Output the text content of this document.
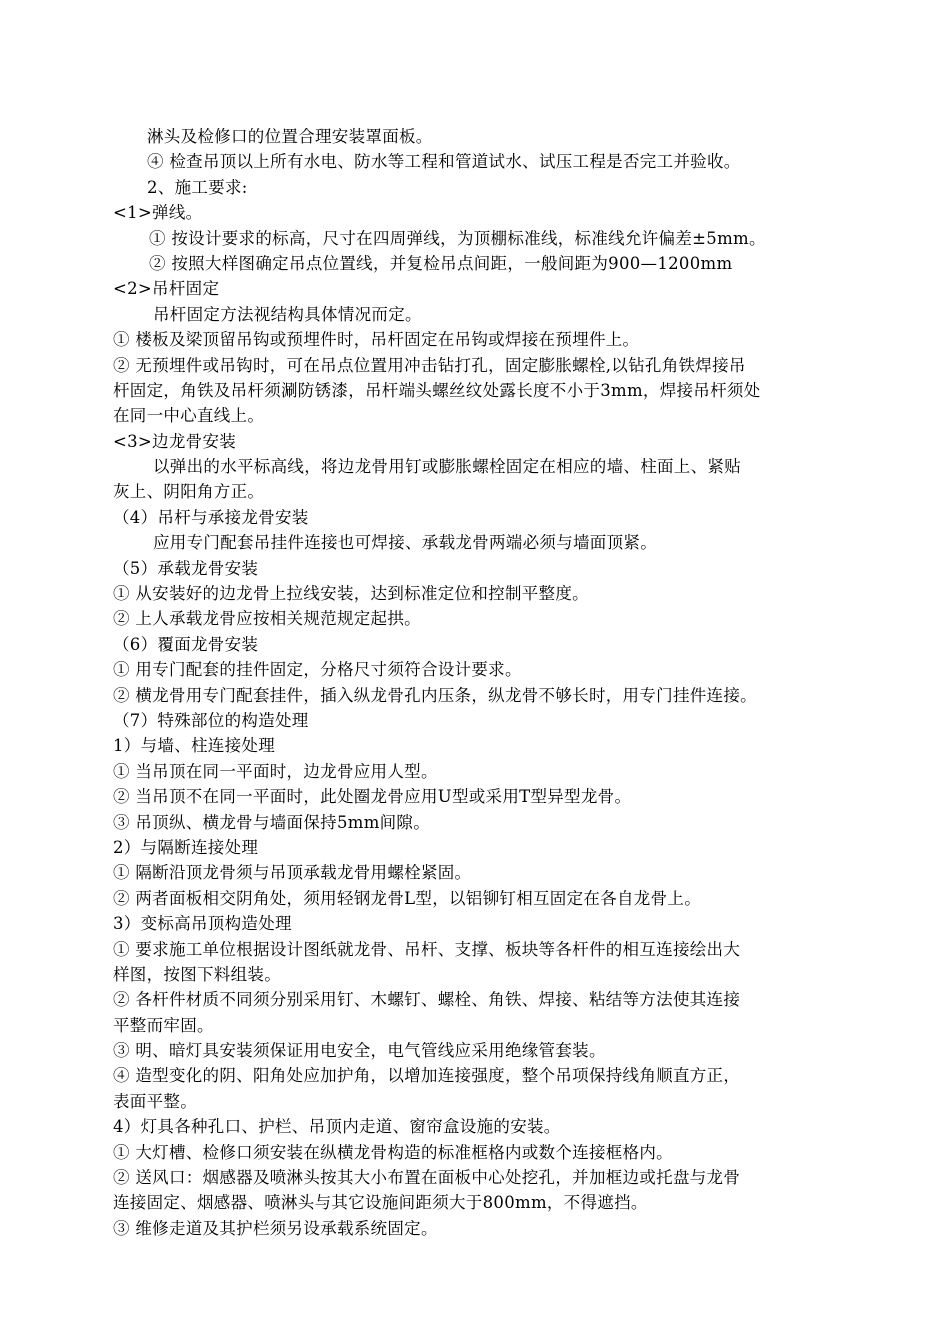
淋头及检修口的位置合理安装罩面板。
④ 检查吊顶以上所有水电、防水等工程和管道试水、试压工程是否完工并验收。
2、施工要求:
<1>弹线。
① 按设计要求的标高，尺寸在四周弹线，为顶棚标准线，标准线允许偏差±5mm。
② 按照大样图确定吊点位置线，并复检吊点间距，一般间距为900—1200mm
<2>吊杆固定
吊杆固定方法视结构具体情况而定。
① 楼板及梁顶留吊钩或预埋件时，吊杆固定在吊钩或焊接在预埋件上。
② 无预埋件或吊钩时，可在吊点位置用冲击钻打孔，固定膨胀螺栓,以钻孔角铁焊接吊
杆固定，角铁及吊杆须涮防锈漆，吊杆端头螺丝纹处露长度不小于3mm，焊接吊杆须处
在同一中心直线上。
<3>边龙骨安装
以弹出的水平标高线，将边龙骨用钉或膨胀螺栓固定在相应的墙、柱面上、紧贴
灰上、阴阳角方正。
（4）吊杆与承接龙骨安装
应用专门配套吊挂件连接也可焊接、承载龙骨两端必须与墙面顶紧。
（5）承载龙骨安装
① 从安装好的边龙骨上拉线安装，达到标准定位和控制平整度。
② 上人承载龙骨应按相关规范规定起拱。
（6）覆面龙骨安装
① 用专门配套的挂件固定，分格尺寸须符合设计要求。
② 横龙骨用专门配套挂件，插入纵龙骨孔内压条，纵龙骨不够长时，用专门挂件连接。
（7）特殊部位的构造处理
1）与墙、柱连接处理
① 当吊顶在同一平面时，边龙骨应用人型。
② 当吊顶不在同一平面时，此处圈龙骨应用U型或采用T型异型龙骨。
③ 吊顶纵、横龙骨与墙面保持5mm间隙。
2）与隔断连接处理
① 隔断沿顶龙骨须与吊顶承载龙骨用螺栓紧固。
② 两者面板相交阴角处，须用轻钢龙骨L型，以铝铆钉相互固定在各自龙骨上。
3）变标高吊顶构造处理
① 要求施工单位根据设计图纸就龙骨、吊杆、支撑、板块等各杆件的相互连接绘出大
样图，按图下料组装。
② 各杆件材质不同须分别采用钉、木螺钉、螺栓、角铁、焊接、粘结等方法使其连接
平整而牢固。
③ 明、暗灯具安装须保证用电安全，电气管线应采用绝缘管套装。
④ 造型变化的阴、阳角处应加护角，以增加连接强度，整个吊项保持线角顺直方正，
表面平整。
4）灯具各种孔口、护栏、吊顶内走道、窗帘盒设施的安装。
① 大灯槽、检修口须安装在纵横龙骨构造的标准框格内或数个连接框格内。
② 送风口：烟感器及喷淋头按其大小布置在面板中心处挖孔，并加框边或托盘与龙骨
连接固定、烟感器、喷淋头与其它设施间距须大于800mm，不得遮挡。
③ 维修走道及其护栏须另设承载系统固定。
